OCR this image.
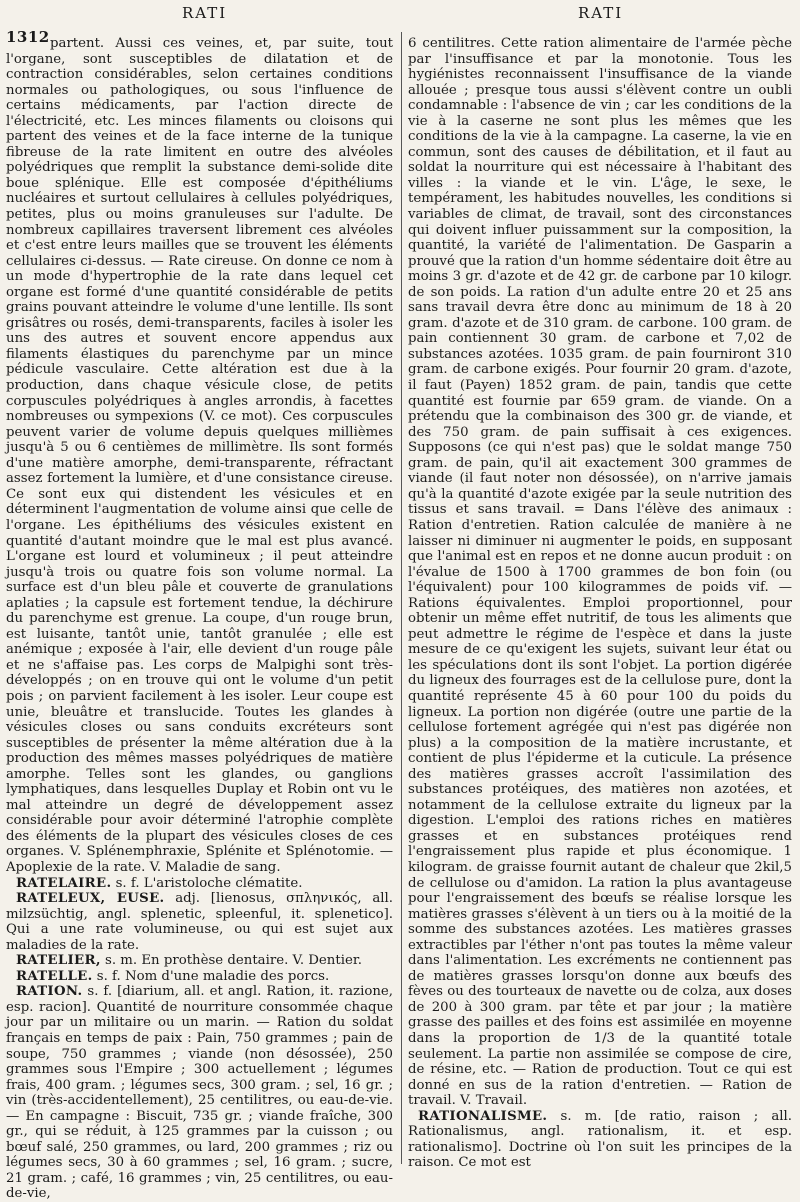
1312
RATI	RATI

partent. Aussi ces veines, et, par suite, tout l'organe, sont susceptibles de dilatation et de contraction considérables, selon certaines conditions normales ou pathologiques, ou sous l'influence de certains médicaments, par l'action directe de l'électricité, etc. Les minces filaments ou cloisons qui partent des veines et de la face interne de la tunique fibreuse de la rate limitent en outre des alvéoles polyédriques que remplit la substance demi-solide dite boue splénique. Elle est composée d'épithéliums nucléaires et surtout cellulaires à cellules polyédriques, petites, plus ou moins granuleuses sur l'adulte. De nombreux capillaires traversent librement ces alvéoles et c'est entre leurs mailles que se trouvent les éléments cellulaires ci-dessus. — Rate cireuse. On donne ce nom à un mode d'hypertrophie de la rate dans lequel cet organe est formé d'une quantité considérable de petits grains pouvant atteindre le volume d'une lentille. Ils sont grisâtres ou rosés, demi-transparents, faciles à isoler les uns des autres et souvent encore appendus aux filaments élastiques du parenchyme par un mince pédicule vasculaire. Cette altération est due à la production, dans chaque vésicule close, de petits corpuscules polyédriques à angles arrondis, à facettes nombreuses ou sympexions (V. ce mot). Ces corpuscules peuvent varier de volume depuis quelques millièmes jusqu'à 5 ou 6 centièmes de millimètre. Ils sont formés d'une matière amorphe, demi-transparente, réfractant assez fortement la lumière, et d'une consistance cireuse. Ce sont eux qui distendent les vésicules et en déterminent l'augmentation de volume ainsi que celle de l'organe. Les épithéliums des vésicules existent en quantité d'autant moindre que le mal est plus avancé. L'organe est lourd et volumineux ; il peut atteindre jusqu'à trois ou quatre fois son volume normal. La surface est d'un bleu pâle et couverte de granulations aplaties ; la capsule est fortement tendue, la déchirure du parenchyme est grenue. La coupe, d'un rouge brun, est luisante, tantôt unie, tantôt granulée ; elle est anémique ; exposée à l'air, elle devient d'un rouge pâle et ne s'affaise pas. Les corps de Malpighi sont très-développés ; on en trouve qui ont le volume d'un petit pois ; on parvient facilement à les isoler. Leur coupe est unie, bleuâtre et translucide. Toutes les glandes à vésicules closes ou sans conduits excréteurs sont susceptibles de présenter la même altération due à la production des mêmes masses polyédriques de matière amorphe. Telles sont les glandes, ou ganglions lymphatiques, dans lesquelles Duplay et Robin ont vu le mal atteindre un degré de développement assez considérable pour avoir déterminé l'atrophie complète des éléments de la plupart des vésicules closes de ces organes. V. Splénemphraxie, Splénite et Splénotomie. — Apoplexie de la rate. V. Maladie de sang.

RATELAIRE. s. f. L'aristoloche clématite.

RATELEUX, EUSE. adj. [lienosus, σπληνικός, all. milzsüchtig, angl. splenetic, spleenful, it. splenetico]. Qui a une rate volumineuse, ou qui est sujet aux maladies de la rate.

RATELIER, s. m. En prothèse dentaire. V. Dentier.

RATELLE. s. f. Nom d'une maladie des porcs.

RATION. s. f. [diarium, all. et angl. Ration, it. razione, esp. racion]. Quantité de nourriture consommée chaque jour par un militaire ou un marin. — Ration du soldat français en temps de paix : Pain, 750 grammes ; pain de soupe, 750 grammes ; viande (non désossée), 250 grammes sous l'Empire ; 300 actuellement ; légumes frais, 400 gram. ; légumes secs, 300 gram. ; sel, 16 gr. ; vin (très-accidentellement), 25 centilitres, ou eau-de-vie. — En campagne : Biscuit, 735 gr. ; viande fraîche, 300 gr., qui se réduit, à 125 grammes par la cuisson ; ou bœuf salé, 250 grammes, ou lard, 200 grammes ; riz ou légumes secs, 30 à 60 grammes ; sel, 16 gram. ; sucre, 21 gram. ; café, 16 grammes ; vin, 25 centilitres, ou eau-de-vie,

6 centilitres. Cette ration alimentaire de l'armée pèche par l'insuffisance et par la monotonie. Tous les hygiénistes reconnaissent l'insuffisance de la viande allouée ; presque tous aussi s'élèvent contre un oubli condamnable : l'absence de vin ; car les conditions de la vie à la caserne ne sont plus les mêmes que les conditions de la vie à la campagne. La caserne, la vie en commun, sont des causes de débilitation, et il faut au soldat la nourriture qui est nécessaire à l'habitant des villes : la viande et le vin. L'âge, le sexe, le tempérament, les habitudes nouvelles, les conditions si variables de climat, de travail, sont des circonstances qui doivent influer puissamment sur la composition, la quantité, la variété de l'alimentation. De Gasparin a prouvé que la ration d'un homme sédentaire doit être au moins 3 gr. d'azote et de 42 gr. de carbone par 10 kilogr. de son poids. La ration d'un adulte entre 20 et 25 ans sans travail devra être donc au minimum de 18 à 20 gram. d'azote et de 310 gram. de carbone. 100 gram. de pain contiennent 30 gram. de carbone et 7,02 de substances azotées. 1035 gram. de pain fourniront 310 gram. de carbone exigés. Pour fournir 20 gram. d'azote, il faut (Payen) 1852 gram. de pain, tandis que cette quantité est fournie par 659 gram. de viande. On a prétendu que la combinaison des 300 gr. de viande, et des 750 gram. de pain suffisait à ces exigences. Supposons (ce qui n'est pas) que le soldat mange 750 gram. de pain, qu'il ait exactement 300 grammes de viande (il faut noter non désossée), on n'arrive jamais qu'à la quantité d'azote exigée par la seule nutrition des tissus et sans travail. = Dans l'élève des animaux : Ration d'entretien. Ration calculée de manière à ne laisser ni diminuer ni augmenter le poids, en supposant que l'animal est en repos et ne donne aucun produit : on l'évalue de 1500 à 1700 grammes de bon foin (ou l'équivalent) pour 100 kilogrammes de poids vif. — Rations équivalentes. Emploi proportionnel, pour obtenir un même effet nutritif, de tous les aliments que peut admettre le régime de l'espèce et dans la juste mesure de ce qu'exigent les sujets, suivant leur état ou les spéculations dont ils sont l'objet. La portion digérée du ligneux des fourrages est de la cellulose pure, dont la quantité représente 45 à 60 pour 100 du poids du ligneux. La portion non digérée (outre une partie de la cellulose fortement agrégée qui n'est pas digérée non plus) a la composition de la matière incrustante, et contient de plus l'épiderme et la cuticule. La présence des matières grasses accroît l'assimilation des substances protéiques, des matières non azotées, et notamment de la cellulose extraite du ligneux par la digestion. L'emploi des rations riches en matières grasses et en substances protéiques rend l'engraissement plus rapide et plus économique. 1 kilogram. de graisse fournit autant de chaleur que 2kil,5 de cellulose ou d'amidon. La ration la plus avantageuse pour l'engraissement des bœufs se réalise lorsque les matières grasses s'élèvent à un tiers ou à la moitié de la somme des substances azotées. Les matières grasses extractibles par l'éther n'ont pas toutes la même valeur dans l'alimentation. Les excréments ne contiennent pas de matières grasses lorsqu'on donne aux bœufs des fèves ou des tourteaux de navette ou de colza, aux doses de 200 à 300 gram. par tête et par jour ; la matière grasse des pailles et des foins est assimilée en moyenne dans la proportion de 1/3 de la quantité totale seulement. La partie non assimilée se compose de cire, de résine, etc. — Ration de production. Tout ce qui est donné en sus de la ration d'entretien. — Ration de travail. V. Travail.

RATIONALISME. s. m. [de ratio, raison ; all. Rationalismus, angl. rationalism, it. et esp. rationalismo]. Doctrine où l'on suit les principes de la raison. Ce mot est
